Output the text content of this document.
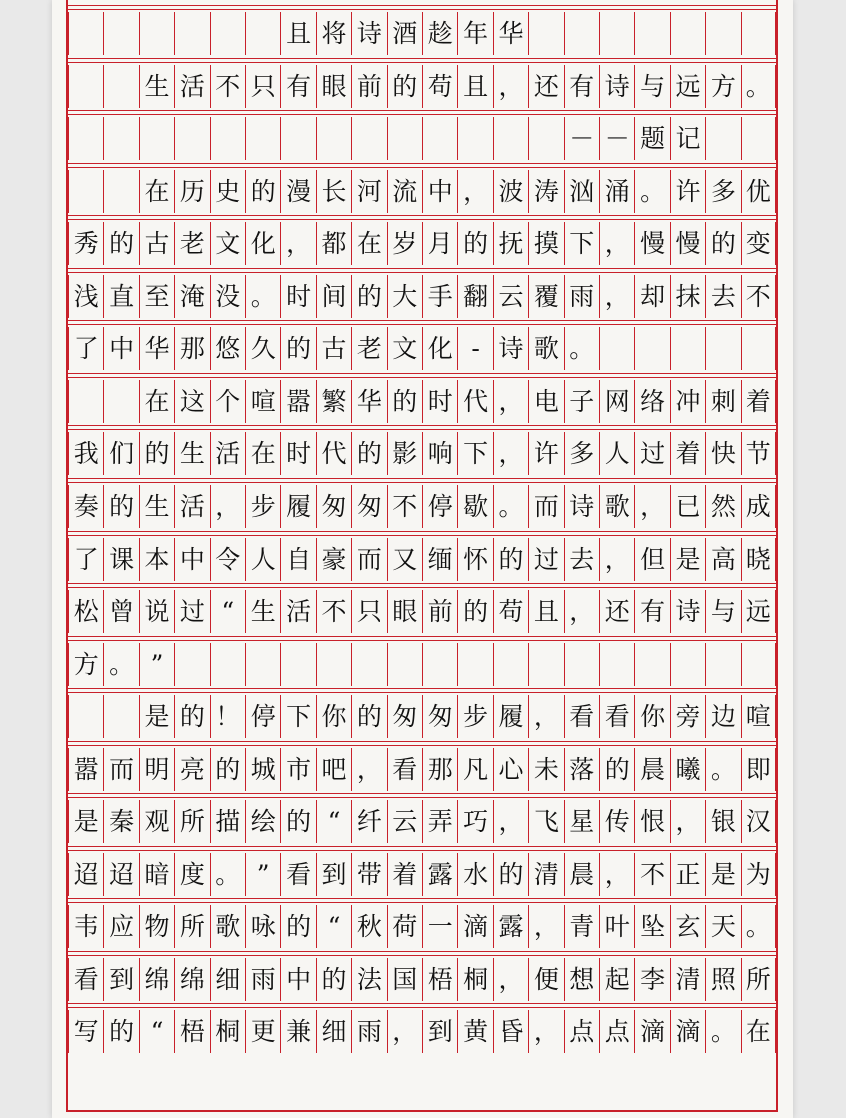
且 将 诗 酒 趁 年 华
生 活 不 只 有 眼 前 的 苟 且 ， 还 有 诗 与 远 方 。
－ － 题 记
在 历 史 的 漫 长 河 流 中 ， 波 涛 汹 涌 。 许 多 优
秀 的 古 老 文 化 ， 都 在 岁 月 的 抚 摸 下 ， 慢 慢 的 变
浅 直 至 淹 没 。 时 间 的 大 手 翻 云 覆 雨 ， 却 抹 去 不
了 中 华 那 悠 久 的 古 老 文 化 - 诗 歌 。
在 这 个 喧 嚣 繁 华 的 时 代 ， 电 子 网 络 冲 刺 着
我 们 的 生 活 在 时 代 的 影 响 下 ， 许 多 人 过 着 快 节
奏 的 生 活 ， 步 履 匆 匆 不 停 歇 。 而 诗 歌 ， 已 然 成
了 课 本 中 令 人 自 豪 而 又 缅 怀 的 过 去 ， 但 是 高 晓
松 曾 说 过 “ 生 活 不 只 眼 前 的 苟 且 ， 还 有 诗 与 远
方 。 ”
是 的 ！ 停 下 你 的 匆 匆 步 履 ， 看 看 你 旁 边 喧
嚣 而 明 亮 的 城 市 吧 ， 看 那 凡 心 未 落 的 晨 曦 。 即
是 秦 观 所 描 绘 的 “ 纤 云 弄 巧 ， 飞 星 传 恨 ， 银 汉
迢 迢 暗 度 。 ” 看 到 带 着 露 水 的 清 晨 ， 不 正 是 为
韦 应 物 所 歌 咏 的 “ 秋 荷 一 滴 露 ， 青 叶 坠 玄 天 。
看 到 绵 绵 细 雨 中 的 法 国 梧 桐 ， 便 想 起 李 清 照 所
写 的 “ 梧 桐 更 兼 细 雨 ， 到 黄 昏 ， 点 点 滴 滴 。 在
